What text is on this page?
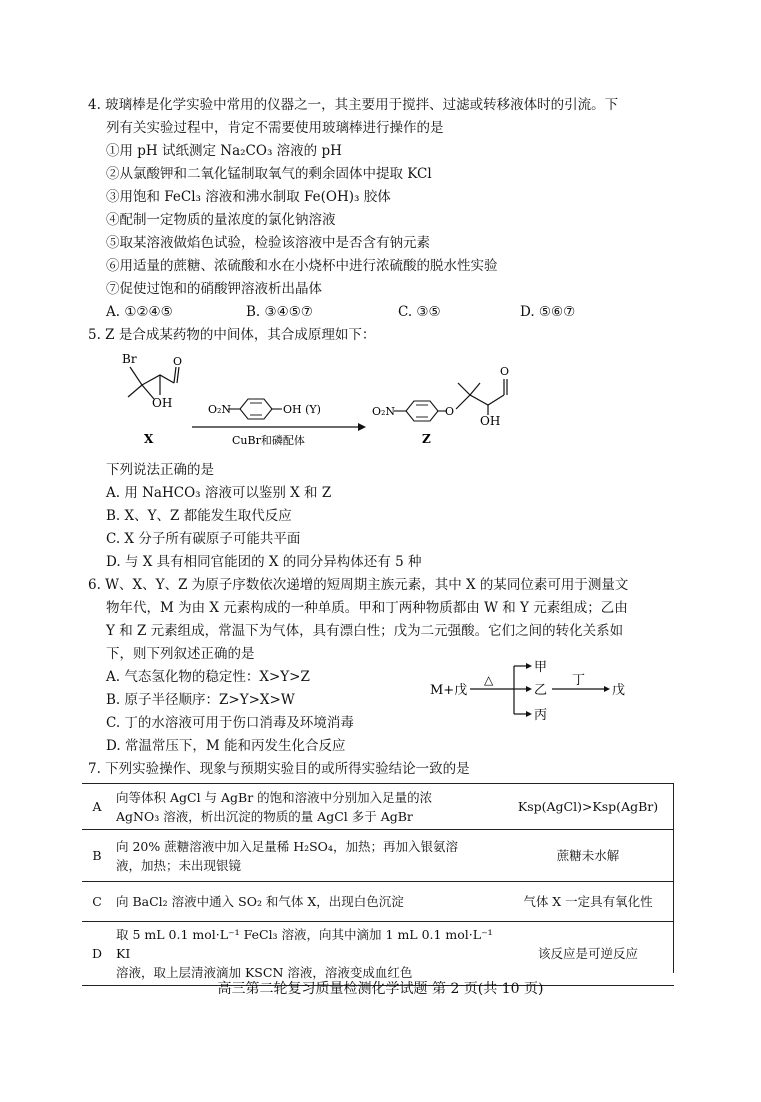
4. 玻璃棒是化学实验中常用的仪器之一，其主要用于搅拌、过滤或转移液体时的引流。下
列有关实验过程中，肯定不需要使用玻璃棒进行操作的是
①用 pH 试纸测定 Na₂CO₃ 溶液的 pH
②从氯酸钾和二氧化锰制取氧气的剩余固体中提取 KCl
③用饱和 FeCl₃ 溶液和沸水制取 Fe(OH)₃ 胶体
④配制一定物质的量浓度的氯化钠溶液
⑤取某溶液做焰色试验，检验该溶液中是否含有钠元素
⑥用适量的蔗糖、浓硫酸和水在小烧杯中进行浓硫酸的脱水性实验
⑦促使过饱和的硝酸钾溶液析出晶体
A. ①②④⑤	B. ③④⑤⑦	C. ③⑤	D. ⑤⑥⑦
5. Z 是合成某药物的中间体，其合成原理如下：
Br	O
OH
X
O₂N	OH (Y)
CuBr和磷配体
O₂N	O
O
OH
Z
下列说法正确的是
A. 用 NaHCO₃ 溶液可以鉴别 X 和 Z
B. X、Y、Z 都能发生取代反应
C. X 分子所有碳原子可能共平面
D. 与 X 具有相同官能团的 X 的同分异构体还有 5 种
6. W、X、Y、Z 为原子序数依次递增的短周期主族元素，其中 X 的某同位素可用于测量文
物年代，M 为由 X 元素构成的一种单质。甲和丁两种物质都由 W 和 Y 元素组成；乙由
Y 和 Z 元素组成，常温下为气体，具有漂白性；戊为二元强酸。它们之间的转化关系如
下，则下列叙述正确的是
A. 气态氢化物的稳定性：X>Y>Z
B. 原子半径顺序：Z>Y>X>W
C. 丁的水溶液可用于伤口消毒及环境消毒
D. 常温常压下，M 能和丙发生化合反应
M+戊
△
甲
乙
丙
丁
戊
7. 下列实验操作、现象与预期实验目的或所得实验结论一致的是
A	向等体积 AgCl 与 AgBr 的饱和溶液中分别加入足量的浓
AgNO₃ 溶液，析出沉淀的物质的量 AgCl 多于 AgBr	Ksp(AgCl)>Ksp(AgBr)
B	向 20% 蔗糖溶液中加入足量稀 H₂SO₄，加热；再加入银氨溶
液，加热；未出现银镜	蔗糖未水解
C	向 BaCl₂ 溶液中通入 SO₂ 和气体 X，出现白色沉淀	气体 X 一定具有氧化性
D	取 5 mL 0.1 mol·L⁻¹ FeCl₃ 溶液，向其中滴加 1 mL 0.1 mol·L⁻¹ KI
溶液，取上层清液滴加 KSCN 溶液，溶液变成血红色	该反应是可逆反应
高三第二轮复习质量检测化学试题 第 2 页(共 10 页)
